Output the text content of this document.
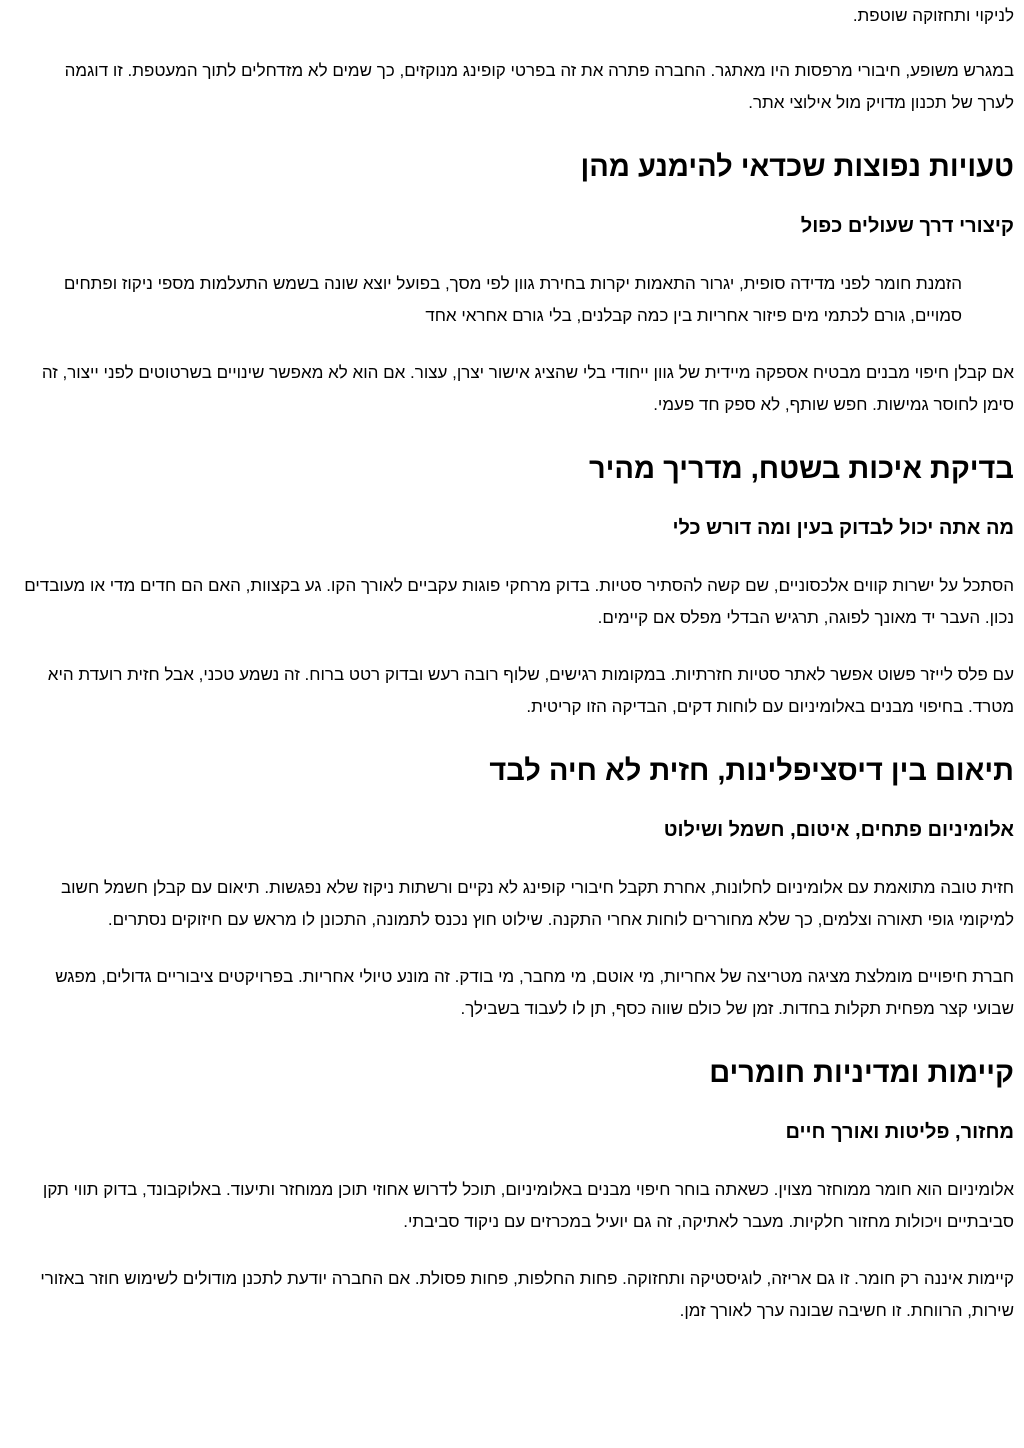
לניקוי ותחזוקה שוטפת.

במגרש משופע, חיבורי מרפסות היו מאתגר. החברה פתרה את זה בפרטי קופינג מנוקזים, כך שמים לא מזדחלים לתוך המעטפת. זו דוגמה לערך של תכנון מדויק מול אילוצי אתר.

טעויות נפוצות שכדאי להימנע מהן
קיצורי דרך שעולים כפול
הזמנת חומר לפני מדידה סופית, יגרור התאמות יקרות בחירת גוון לפי מסך, בפועל יוצא שונה בשמש התעלמות מספי ניקוז ופתחים סמויים, גורם לכתמי מים פיזור אחריות בין כמה קבלנים, בלי גורם אחראי אחד

אם קבלן חיפוי מבנים מבטיח אספקה מיידית של גוון ייחודי בלי שהציג אישור יצרן, עצור. אם הוא לא מאפשר שינויים בשרטוטים לפני ייצור, זה סימן לחוסר גמישות. חפש שותף, לא ספק חד פעמי.

בדיקת איכות בשטח, מדריך מהיר
מה אתה יכול לבדוק בעין ומה דורש כלי

הסתכל על ישרות קווים אלכסוניים, שם קשה להסתיר סטיות. בדוק מרחקי פוגות עקביים לאורך הקו. גע בקצוות, האם הם חדים מדי או מעובדים נכון. העבר יד מאונך לפוגה, תרגיש הבדלי מפלס אם קיימים.

עם פלס לייזר פשוט אפשר לאתר סטיות חזרתיות. במקומות רגישים, שלוף רובה רעש ובדוק רטט ברוח. זה נשמע טכני, אבל חזית רועדת היא מטרד. בחיפוי מבנים באלומיניום עם לוחות דקים, הבדיקה הזו קריטית.

תיאום בין דיסציפלינות, חזית לא חיה לבד
אלומיניום פתחים, איטום, חשמל ושילוט

חזית טובה מתואמת עם אלומיניום לחלונות, אחרת תקבל חיבורי קופינג לא נקיים ורשתות ניקוז שלא נפגשות. תיאום עם קבלן חשמל חשוב למיקומי גופי תאורה וצלמים, כך שלא מחוררים לוחות אחרי התקנה. שילוט חוץ נכנס לתמונה, התכונן לו מראש עם חיזוקים נסתרים.

חברת חיפויים מומלצת מציגה מטריצה של אחריות, מי אוטם, מי מחבר, מי בודק. זה מונע טיולי אחריות. בפרויקטים ציבוריים גדולים, מפגש שבועי קצר מפחית תקלות בחדות. זמן של כולם שווה כסף, תן לו לעבוד בשבילך.

קיימות ומדיניות חומרים
מחזור, פליטות ואורך חיים

אלומיניום הוא חומר ממוחזר מצוין. כשאתה בוחר חיפוי מבנים באלומיניום, תוכל לדרוש אחוזי תוכן ממוחזר ותיעוד. באלוקבונד, בדוק תווי תקן סביבתיים ויכולות מחזור חלקיות. מעבר לאתיקה, זה גם יועיל במכרזים עם ניקוד סביבתי.

קיימות איננה רק חומר. זו גם אריזה, לוגיסטיקה ותחזוקה. פחות החלפות, פחות פסולת. אם החברה יודעת לתכנן מודולים לשימוש חוזר באזורי שירות, הרווחת. זו חשיבה שבונה ערך לאורך זמן.
